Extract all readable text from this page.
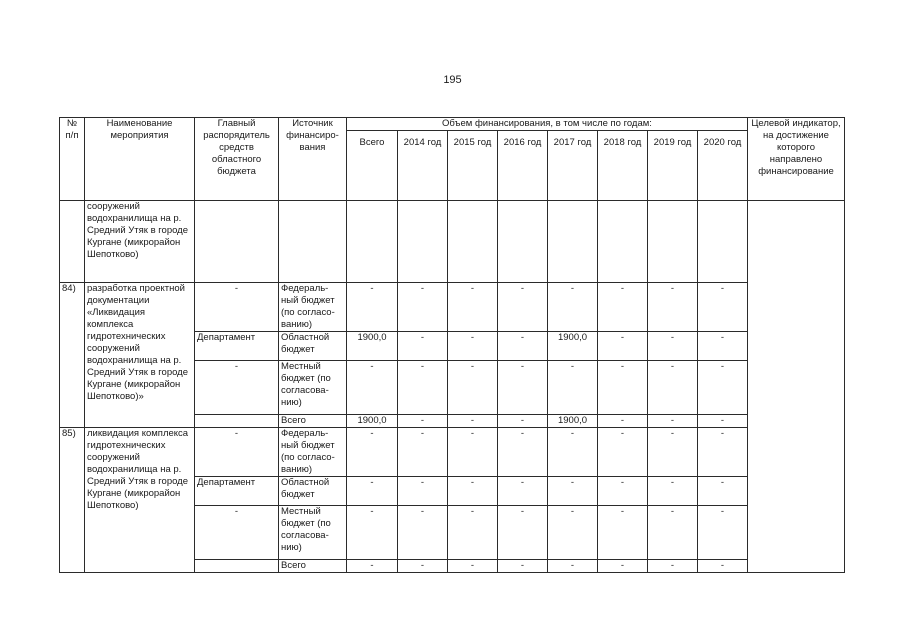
195
№ п/п	Наименование мероприятия	Главный распорядитель средств областного бюджета	Источник финансиро-вания	Объем финансирования, в том числе по годам:								Целевой индикатор, на достижение которого направлено финансирование
				Всего	2014 год	2015 год	2016 год	2017 год	2018 год	2019 год	2020 год	
	сооружений водохранилища на р. Средний Утяк в городе Кургане (микрорайон Шепотково)											
84)	разработка проектной документации «Ликвидация комплекса гидротехнических сооружений водохранилища на р. Средний Утяк в городе Кургане (микрорайон Шепотково)»	-	Федераль-ный бюджет (по согласо-ванию)	-	-	-	-	-	-	-	-	
		Департамент	Областной бюджет	1900,0	-	-	-	1900,0	-	-	-	
		-	Местный бюджет (по согласова-нию)	-	-	-	-	-	-	-	-	
			Всего	1900,0	-	-	-	1900,0	-	-	-	
85)	ликвидация комплекса гидротехнических сооружений водохранилища на р. Средний Утяк в городе Кургане (микрорайон Шепотково)	-	Федераль-ный бюджет (по согласо-ванию)	-	-	-	-	-	-	-	-	
		Департамент	Областной бюджет	-	-	-	-	-	-	-	-	
		-	Местный бюджет (по согласова-нию)	-	-	-	-	-	-	-	-	
			Всего	-	-	-	-	-	-	-	-	
